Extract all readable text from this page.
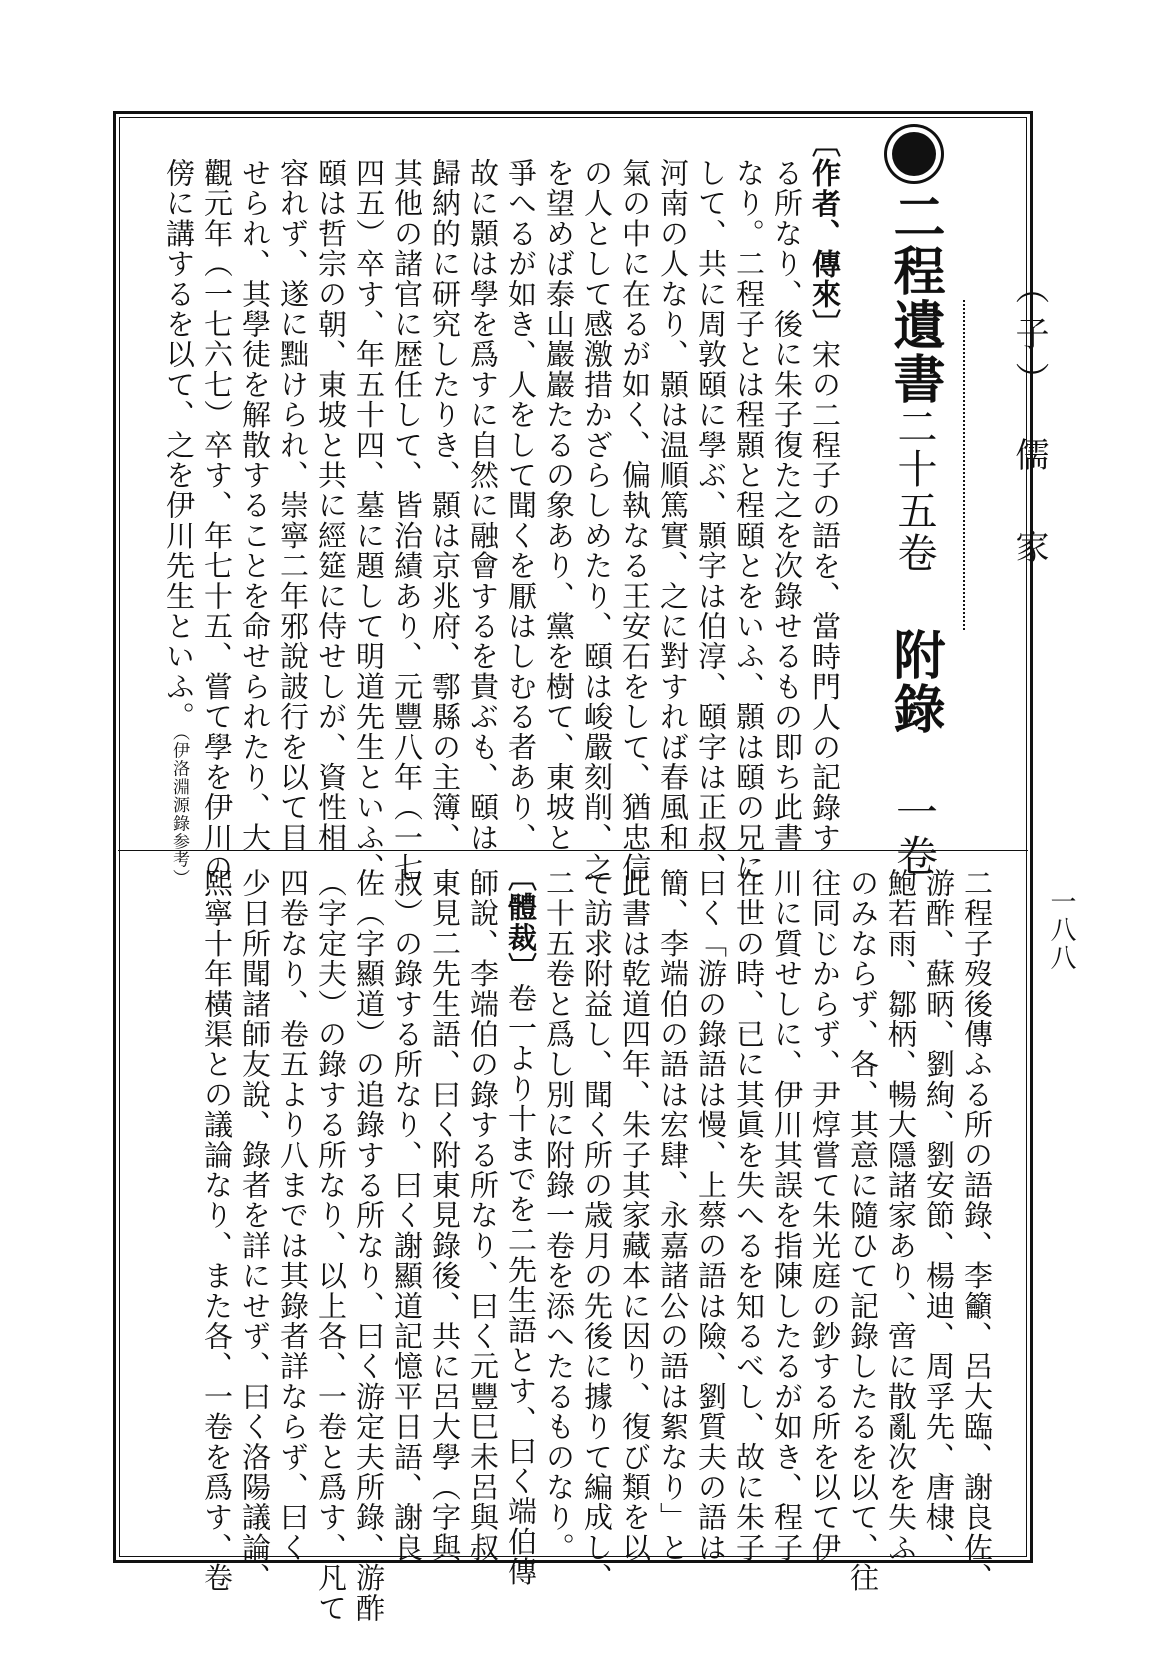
（子）　儒　家
一八八
二程遺書二十五卷　附錄　一卷
〔作者、傳來〕宋の二程子の語を、當時門人の記錄す
る所なり、後に朱子復た之を次錄せるもの即ち此書
なり。二程子とは程顥と程頤とをいふ、顥は頤の兄に
して、共に周敦頤に學ぶ、顥字は伯淳、頤字は正叔、
河南の人なり、顥は温順篤實、之に對すれば春風和
氣の中に在るが如く、偏執なる王安石をして、猶忠信
の人として感激措かざらしめたり、頤は峻嚴刻削、之
を望めば泰山巖巖たるの象あり、黨を樹て、東坡と
爭へるが如き、人をして聞くを厭はしむる者あり、
故に顥は學を爲すに自然に融會するを貴ぶも、頤は
歸納的に研究したりき、顥は京兆府、鄠縣の主簿、
其他の諸官に歴任して、皆治績あり、元豐八年（一七
四五）卒す、年五十四、墓に題して明道先生といふ、
頤は哲宗の朝、東坡と共に經筵に侍せしが、資性相
容れず、遂に黜けられ、崇寧二年邪說詖行を以て目
せられ、其學徒を解散することを命せられたり、大
觀元年（一七六七）卒す、年七十五、嘗て學を伊川の
傍に講するを以て、之を伊川先生といふ。（伊洛淵源錄参考）
二程子歿後傳ふる所の語錄、李籲、呂大臨、謝良佐、
游酢、蘇昞、劉絢、劉安節、楊迪、周孚先、唐棣、
鮑若雨、鄒柄、暢大隱諸家あり、啻に散亂次を失ふ
のみならず、各、其意に隨ひて記錄したるを以て、往
往同じからず、尹焞嘗て朱光庭の鈔する所を以て伊
川に質せしに、伊川其誤を指陳したるが如き、程子
在世の時、已に其眞を失へるを知るべし、故に朱子
曰く「游の錄語は慢、上蔡の語は險、劉質夫の語は
簡、李端伯の語は宏肆、永嘉諸公の語は絮なり」と
此書は乾道四年、朱子其家藏本に因り、復び類を以
て訪求附益し、聞く所の歳月の先後に據りて編成し、
二十五卷と爲し別に附錄一卷を添へたるものなり。
〔體裁〕卷一より十までを二先生語とす、曰く端伯傳
師說、李端伯の錄する所なり、曰く元豐巳未呂與叔
東見二先生語、曰く附東見錄後、共に呂大學（字與
叔）の錄する所なり、曰く謝顯道記憶平日語、謝良
佐（字顯道）の追錄する所なり、曰く游定夫所錄、游酢
（字定夫）の錄する所なり、以上各、一卷と爲す、凡て
四卷なり、卷五より八までは其錄者詳ならず、曰く
少日所聞諸師友說、錄者を詳にせず、曰く洛陽議論、
熙寧十年橫渠との議論なり、また各、一卷を爲す、卷
